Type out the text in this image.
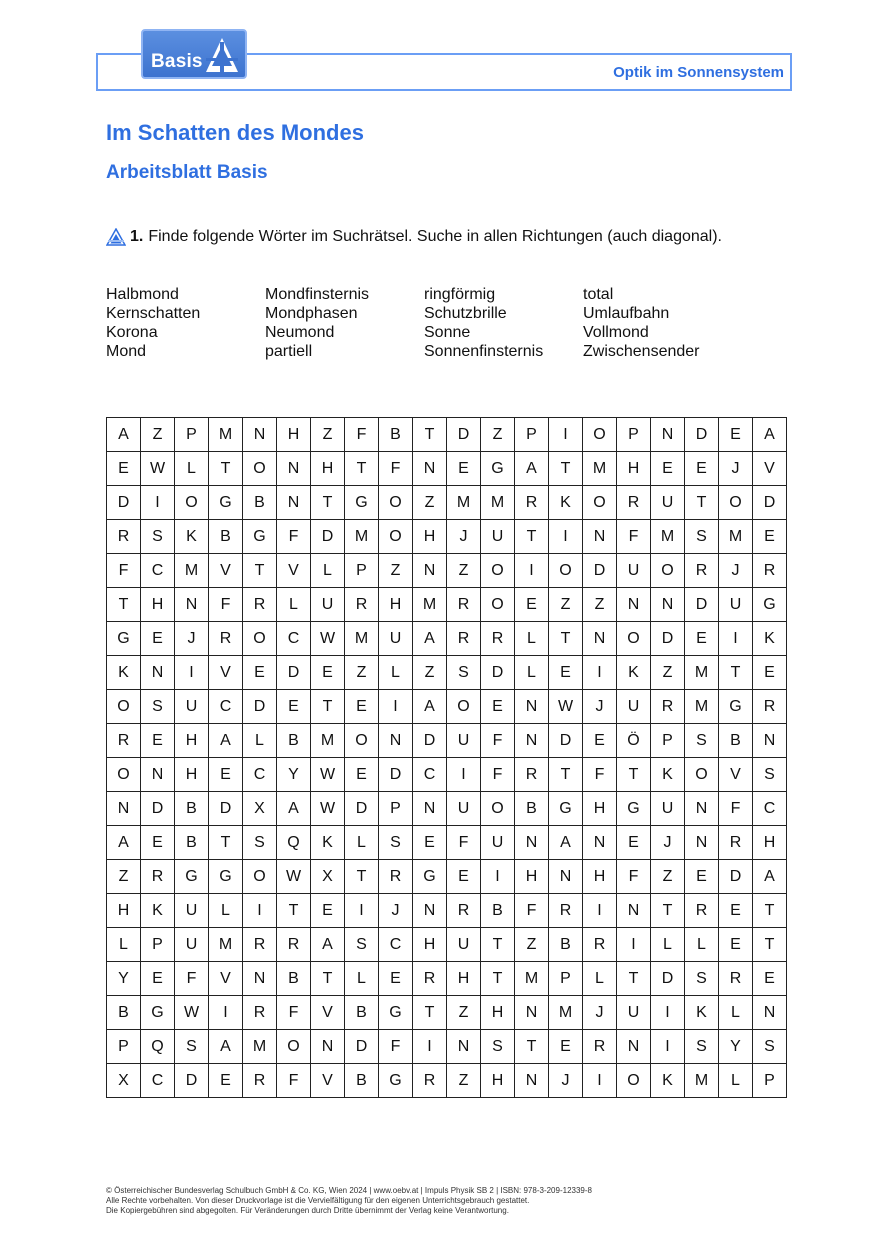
Basis
Optik im Sonnensystem
Im Schatten des Mondes
Arbeitsblatt Basis
1. Finde folgende Wörter im Suchrätsel. Suche in allen Richtungen (auch diagonal).
Halbmond	Mondfinsternis	ringförmig	total
Kernschatten	Mondphasen	Schutzbrille	Umlaufbahn
Korona	Neumond	Sonne	Vollmond
Mond	partiell	Sonnenfinsternis	Zwischensender
A	Z	P	M	N	H	Z	F	B	T	D	Z	P	I	O	P	N	D	E	A
E	W	L	T	O	N	H	T	F	N	E	G	A	T	M	H	E	E	J	V
D	I	O	G	B	N	T	G	O	Z	M	M	R	K	O	R	U	T	O	D
R	S	K	B	G	F	D	M	O	H	J	U	T	I	N	F	M	S	M	E
F	C	M	V	T	V	L	P	Z	N	Z	O	I	O	D	U	O	R	J	R
T	H	N	F	R	L	U	R	H	M	R	O	E	Z	Z	N	N	D	U	G
G	E	J	R	O	C	W	M	U	A	R	R	L	T	N	O	D	E	I	K
K	N	I	V	E	D	E	Z	L	Z	S	D	L	E	I	K	Z	M	T	E
O	S	U	C	D	E	T	E	I	A	O	E	N	W	J	U	R	M	G	R
R	E	H	A	L	B	M	O	N	D	U	F	N	D	E	Ö	P	S	B	N
O	N	H	E	C	Y	W	E	D	C	I	F	R	T	F	T	K	O	V	S
N	D	B	D	X	A	W	D	P	N	U	O	B	G	H	G	U	N	F	C
A	E	B	T	S	Q	K	L	S	E	F	U	N	A	N	E	J	N	R	H
Z	R	G	G	O	W	X	T	R	G	E	I	H	N	H	F	Z	E	D	A
H	K	U	L	I	T	E	I	J	N	R	B	F	R	I	N	T	R	E	T
L	P	U	M	R	R	A	S	C	H	U	T	Z	B	R	I	L	L	E	T
Y	E	F	V	N	B	T	L	E	R	H	T	M	P	L	T	D	S	R	E
B	G	W	I	R	F	V	B	G	T	Z	H	N	M	J	U	I	K	L	N
P	Q	S	A	M	O	N	D	F	I	N	S	T	E	R	N	I	S	Y	S
X	C	D	E	R	F	V	B	G	R	Z	H	N	J	I	O	K	M	L	P
© Österreichischer Bundesverlag Schulbuch GmbH & Co. KG, Wien 2024 | www.oebv.at | Impuls Physik SB 2 | ISBN: 978-3-209-12339-8
Alle Rechte vorbehalten. Von dieser Druckvorlage ist die Vervielfältigung für den eigenen Unterrichtsgebrauch gestattet.
Die Kopiergebühren sind abgegolten. Für Veränderungen durch Dritte übernimmt der Verlag keine Verantwortung.
